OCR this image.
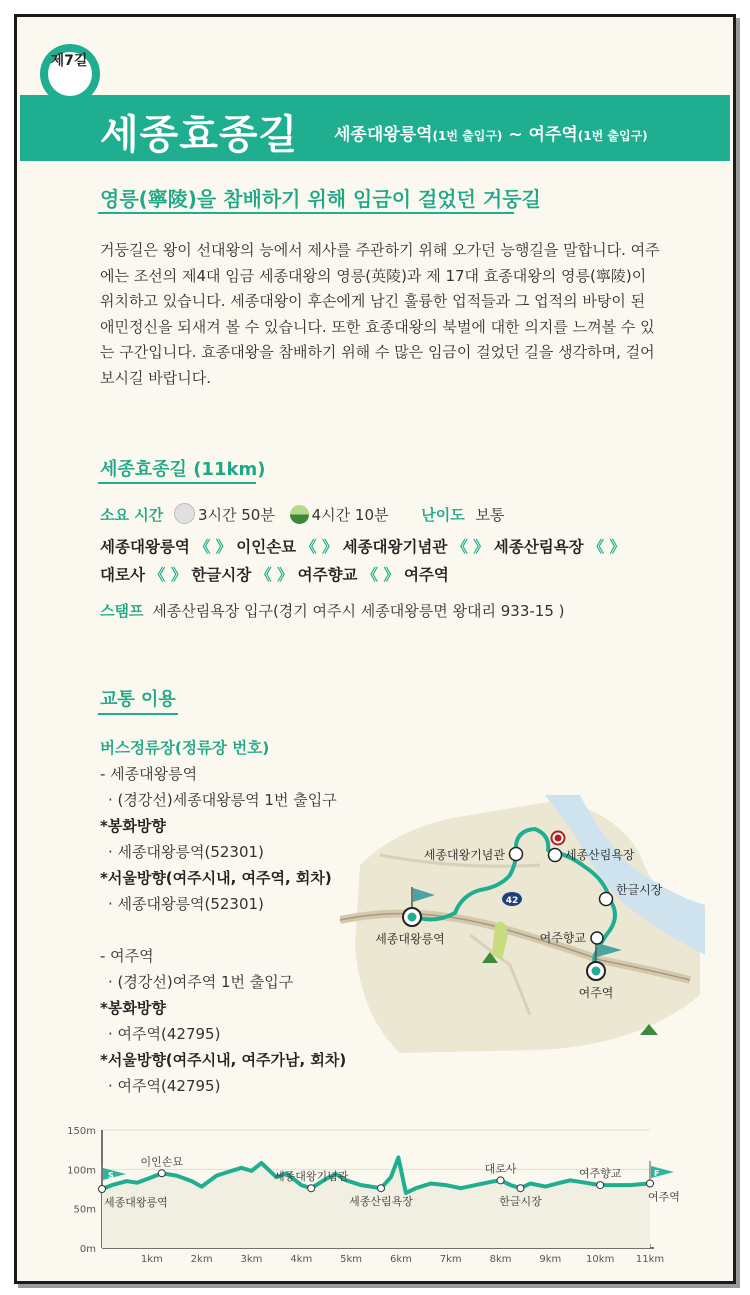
제7길
세종효종길 세종대왕릉역(1번 출입구) ~ 여주역(1번 출입구)
영릉(寧陵)을 참배하기 위해 임금이 걸었던 거둥길
거둥길은 왕이 선대왕의 능에서 제사를 주관하기 위해 오가던 능행길을 말합니다. 여주에는 조선의 제4대 임금 세종대왕의 영릉(英陵)과 제 17대 효종대왕의 영릉(寧陵)이 위치하고 있습니다. 세종대왕이 후손에게 남긴 훌륭한 업적들과 그 업적의 바탕이 된 애민정신을 되새겨 볼 수 있습니다. 또한 효종대왕의 북벌에 대한 의지를 느껴볼 수 있는 구간입니다. 효종대왕을 참배하기 위해 수 많은 임금이 걸었던 길을 생각하며, 걸어보시길 바랍니다.
세종효종길 (11km)
소요 시간 3시간 50분 4시간 10분 난이도 보통
세종대왕릉역 《 》 이인손묘 《 》 세종대왕기념관 《 》 세종산림욕장 《 》
대로사 《 》 한글시장 《 》 여주향교 《 》 여주역
스탬프 세종산림욕장 입구(경기 여주시 세종대왕릉면 왕대리 933-15 )
교통 이용
버스정류장(정류장 번호)
- 세종대왕릉역
· (경강선)세종대왕릉역 1번 출입구
*봉화방향
· 세종대왕릉역(52301)
*서울방향(여주시내, 여주역, 회차)
· 세종대왕릉역(52301)
- 여주역
· (경강선)여주역 1번 출입구
*봉화방향
· 여주역(42795)
*서울방향(여주시내, 여주가남, 회차)
· 여주역(42795)
42
세종대왕기념관	세종산림욕장
한글시장
여주향교
세종대왕릉역
여주역
150m
100m
50m
0m
1km	2km	3km	4km	5km	6km	7km	8km	9km 10km 11km
S	F
세종대왕릉역
이인손묘
세종대왕기념관
세종산림욕장
대로사
한글시장
여주향교
여주역
